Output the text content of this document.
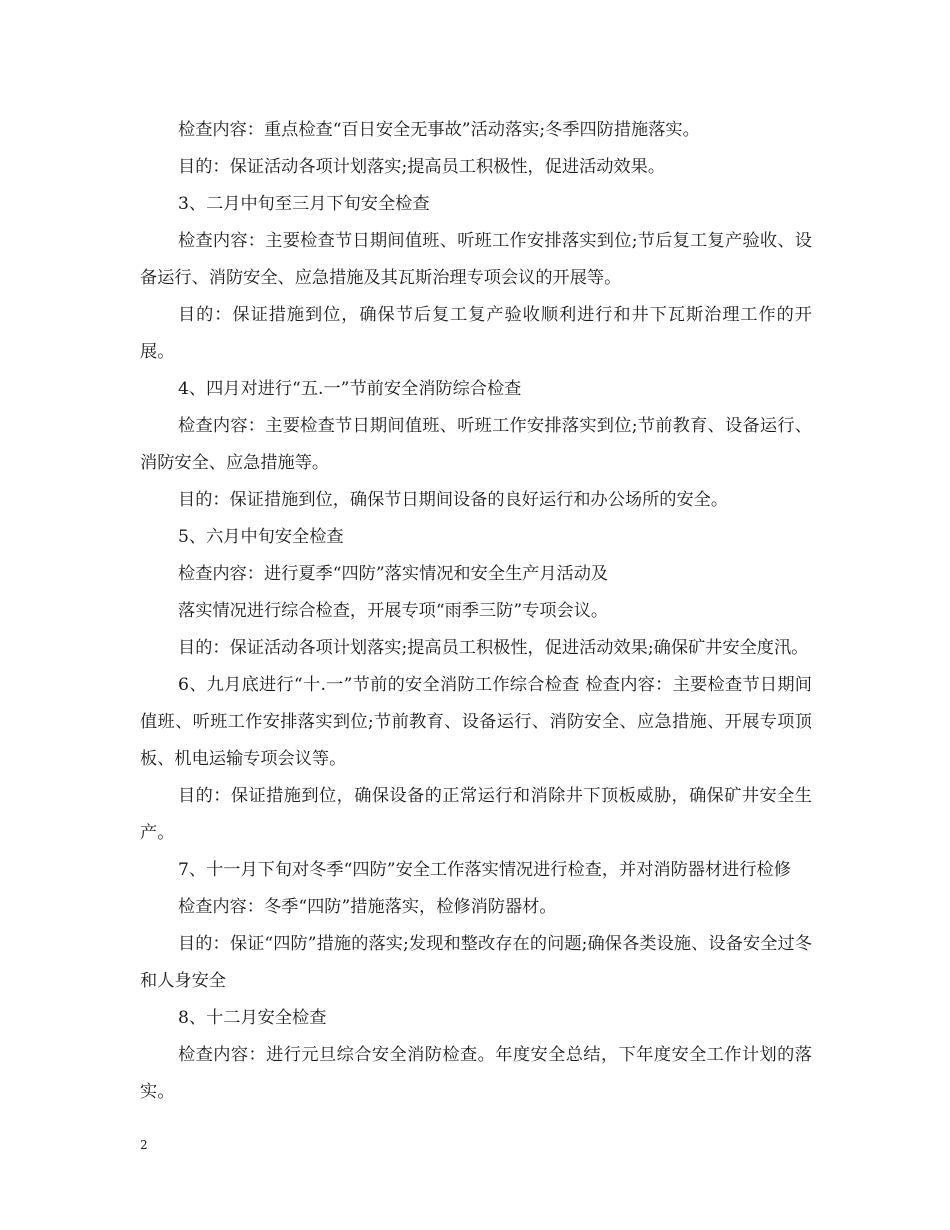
检查内容：重点检查“百日安全无事故”活动落实;冬季四防措施落实。

目的：保证活动各项计划落实;提高员工积极性，促进活动效果。

3、二月中旬至三月下旬安全检查

检查内容：主要检查节日期间值班、听班工作安排落实到位;节后复工复产验收、设备运行、消防安全、应急措施及其瓦斯治理专项会议的开展等。

目的：保证措施到位，确保节后复工复产验收顺利进行和井下瓦斯治理工作的开展。

4、四月对进行“五.一”节前安全消防综合检查

检查内容：主要检查节日期间值班、听班工作安排落实到位;节前教育、设备运行、消防安全、应急措施等。

目的：保证措施到位，确保节日期间设备的良好运行和办公场所的安全。

5、六月中旬安全检查

检查内容：进行夏季“四防”落实情况和安全生产月活动及

落实情况进行综合检查，开展专项“雨季三防”专项会议。

目的：保证活动各项计划落实;提高员工积极性，促进活动效果;确保矿井安全度汛。

6、九月底进行“十.一”节前的安全消防工作综合检查 检查内容：主要检查节日期间值班、听班工作安排落实到位;节前教育、设备运行、消防安全、应急措施、开展专项顶板、机电运输专项会议等。

目的：保证措施到位，确保设备的正常运行和消除井下顶板威胁，确保矿井安全生产。

7、十一月下旬对冬季“四防”安全工作落实情况进行检查，并对消防器材进行检修

检查内容：冬季“四防”措施落实，检修消防器材。

目的：保证“四防”措施的落实;发现和整改存在的问题;确保各类设施、设备安全过冬和人身安全

8、十二月安全检查

检查内容：进行元旦综合安全消防检查。年度安全总结，下年度安全工作计划的落实。

2
